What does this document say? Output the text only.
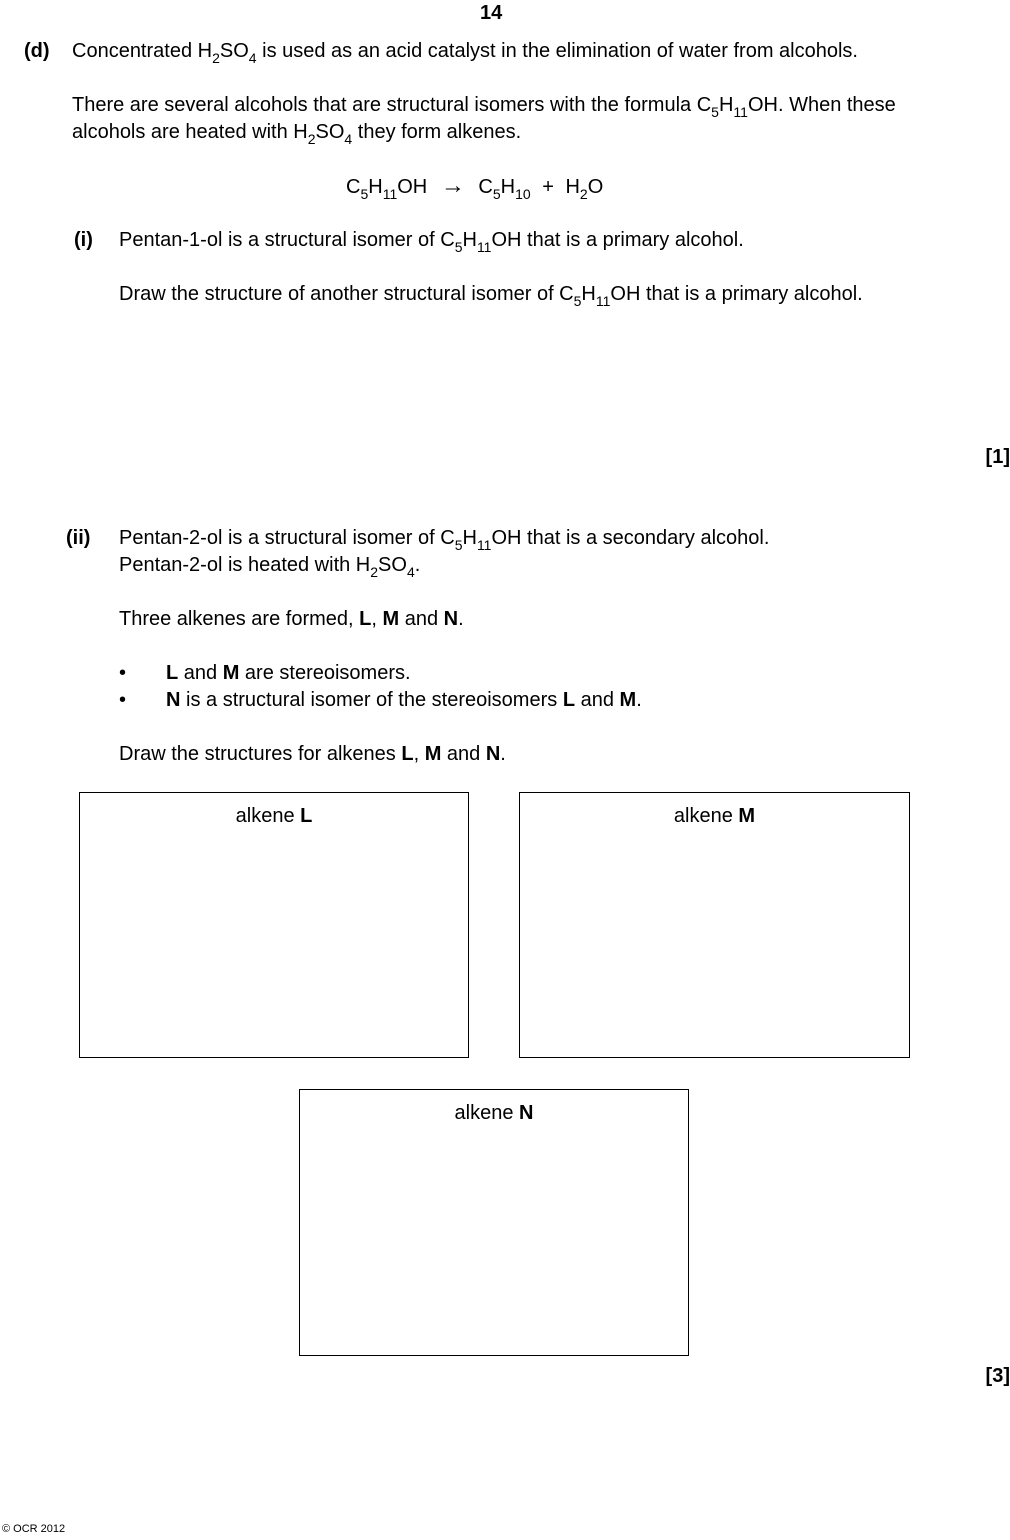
14
(d) Concentrated $H_2SO_4$ is used as an acid catalyst in the elimination of water from alcohols.
There are several alcohols that are structural isomers with the formula $C_5H_{11}OH$. When these
alcohols are heated with $H_2SO_4$ they form alkenes.
$C_5H_{11}OH \to C_5H_{10} + H_2O$
(i) Pentan-1-ol is a structural isomer of $C_5H_{11}OH$ that is a primary alcohol.
Draw the structure of another structural isomer of $C_5H_{11}OH$ that is a primary alcohol.
[1]
(ii) Pentan-2-ol is a structural isomer of $C_5H_{11}OH$ that is a secondary alcohol.
Pentan-2-ol is heated with $H_2SO_4$.
Three alkenes are formed, L, M and N.
• L and M are stereoisomers.
• N is a structural isomer of the stereoisomers L and M.
Draw the structures for alkenes L, M and N.
alkene L	alkene M
alkene N
[3]
© OCR 2012
